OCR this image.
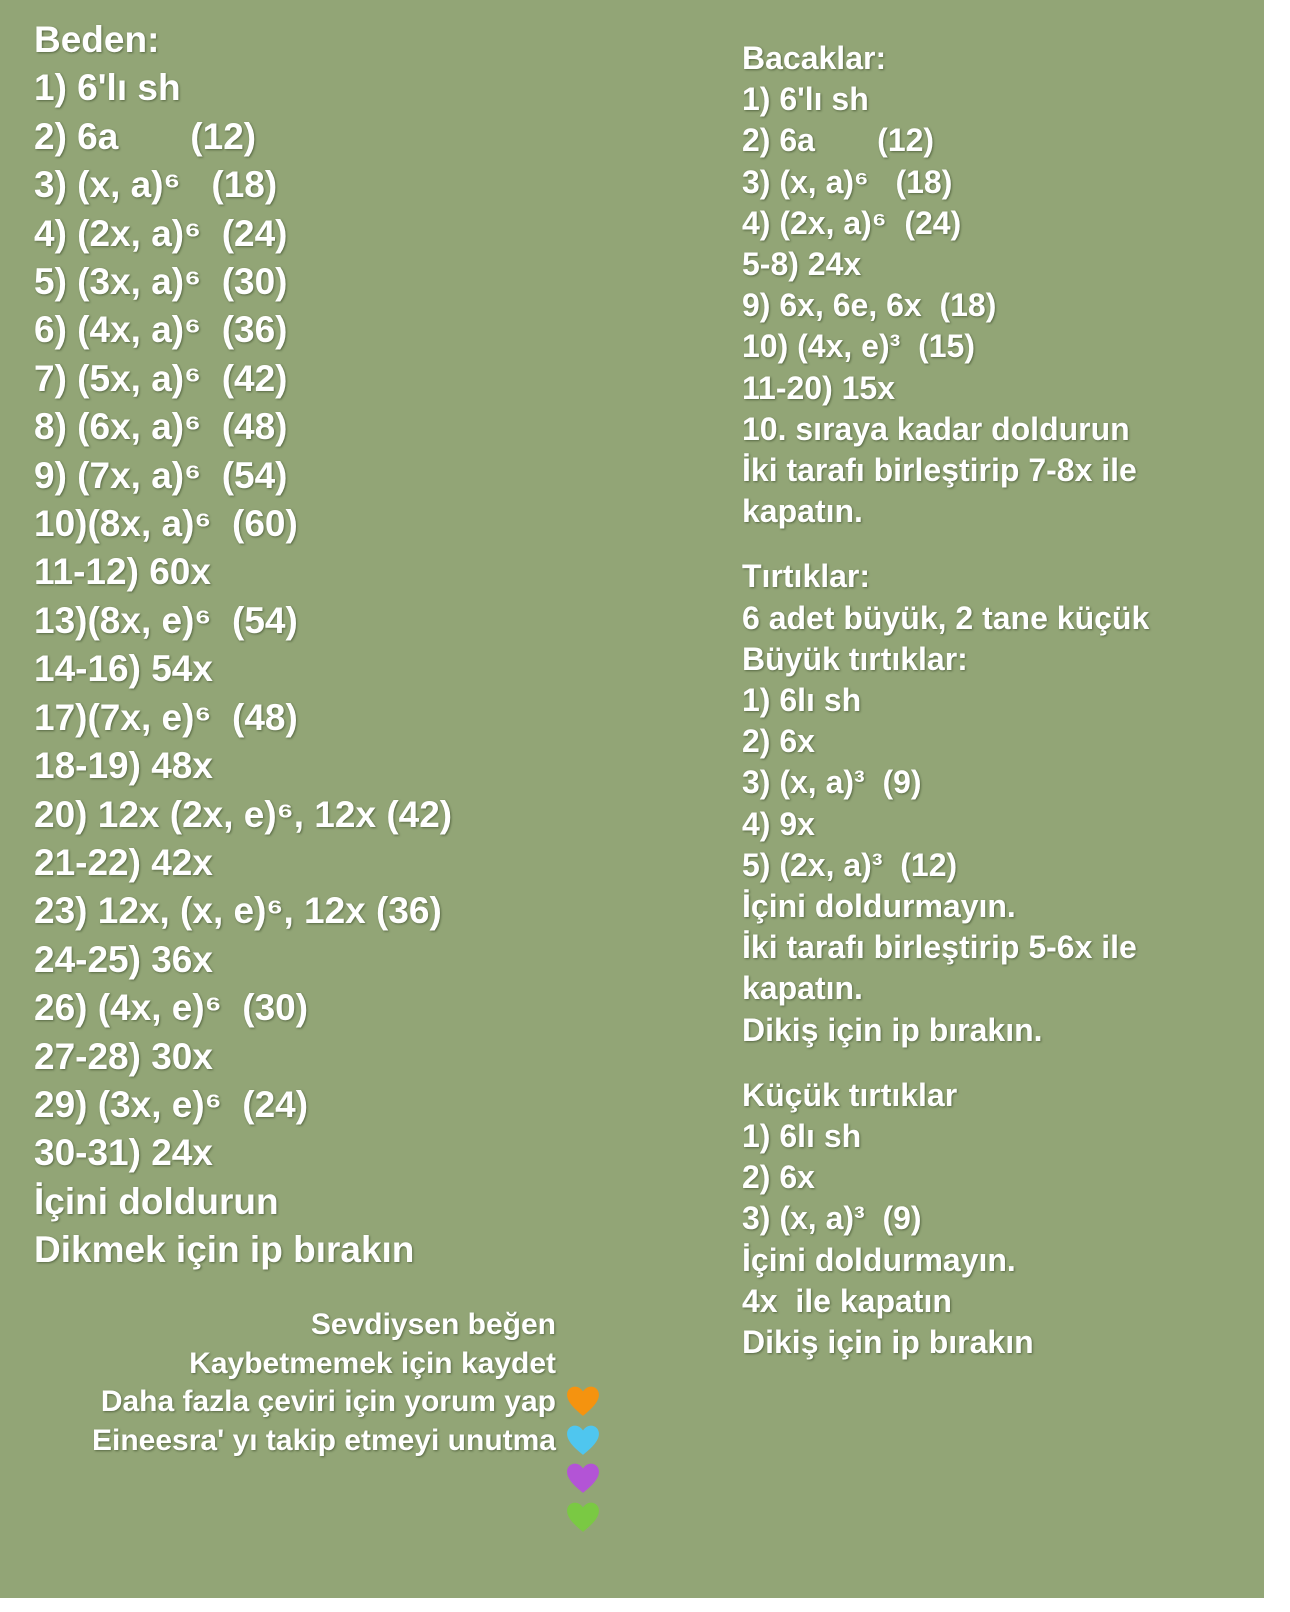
Beden:
1) 6'lı sh
2) 6a       (12)
3) (x, a)⁶   (18)
4) (2x, a)⁶  (24)
5) (3x, a)⁶  (30)
6) (4x, a)⁶  (36)
7) (5x, a)⁶  (42)
8) (6x, a)⁶  (48)
9) (7x, a)⁶  (54)
10)(8x, a)⁶  (60)
11-12) 60x
13)(8x, e)⁶  (54)
14-16) 54x
17)(7x, e)⁶  (48)
18-19) 48x
20) 12x (2x, e)⁶, 12x (42)
21-22) 42x
23) 12x, (x, e)⁶, 12x (36)
24-25) 36x
26) (4x, e)⁶  (30)
27-28) 30x
29) (3x, e)⁶  (24)
30-31) 24x
İçini doldurun
Dikmek için ip bırakın
Sevdiysen beğen

Kaybetmemek için kaydet

Daha fazla çeviri için yorum yap

Eineesra' yı takip etmeyi unutma

Bacaklar:
1) 6'lı sh
2) 6a       (12)
3) (x, a)⁶   (18)
4) (2x, a)⁶  (24)
5-8) 24x
9) 6x, 6e, 6x  (18)
10) (4x, e)³  (15)
11-20) 15x
10. sıraya kadar doldurun
İki tarafı birleştirip 7-8x ile
kapatın.
Tırtıklar:
6 adet büyük, 2 tane küçük
Büyük tırtıklar:
1) 6lı sh
2) 6x
3) (x, a)³  (9)
4) 9x
5) (2x, a)³  (12)
İçini doldurmayın.
İki tarafı birleştirip 5-6x ile
kapatın.
Dikiş için ip bırakın.
Küçük tırtıklar
1) 6lı sh
2) 6x
3) (x, a)³  (9)
İçini doldurmayın.
4x  ile kapatın
Dikiş için ip bırakın
